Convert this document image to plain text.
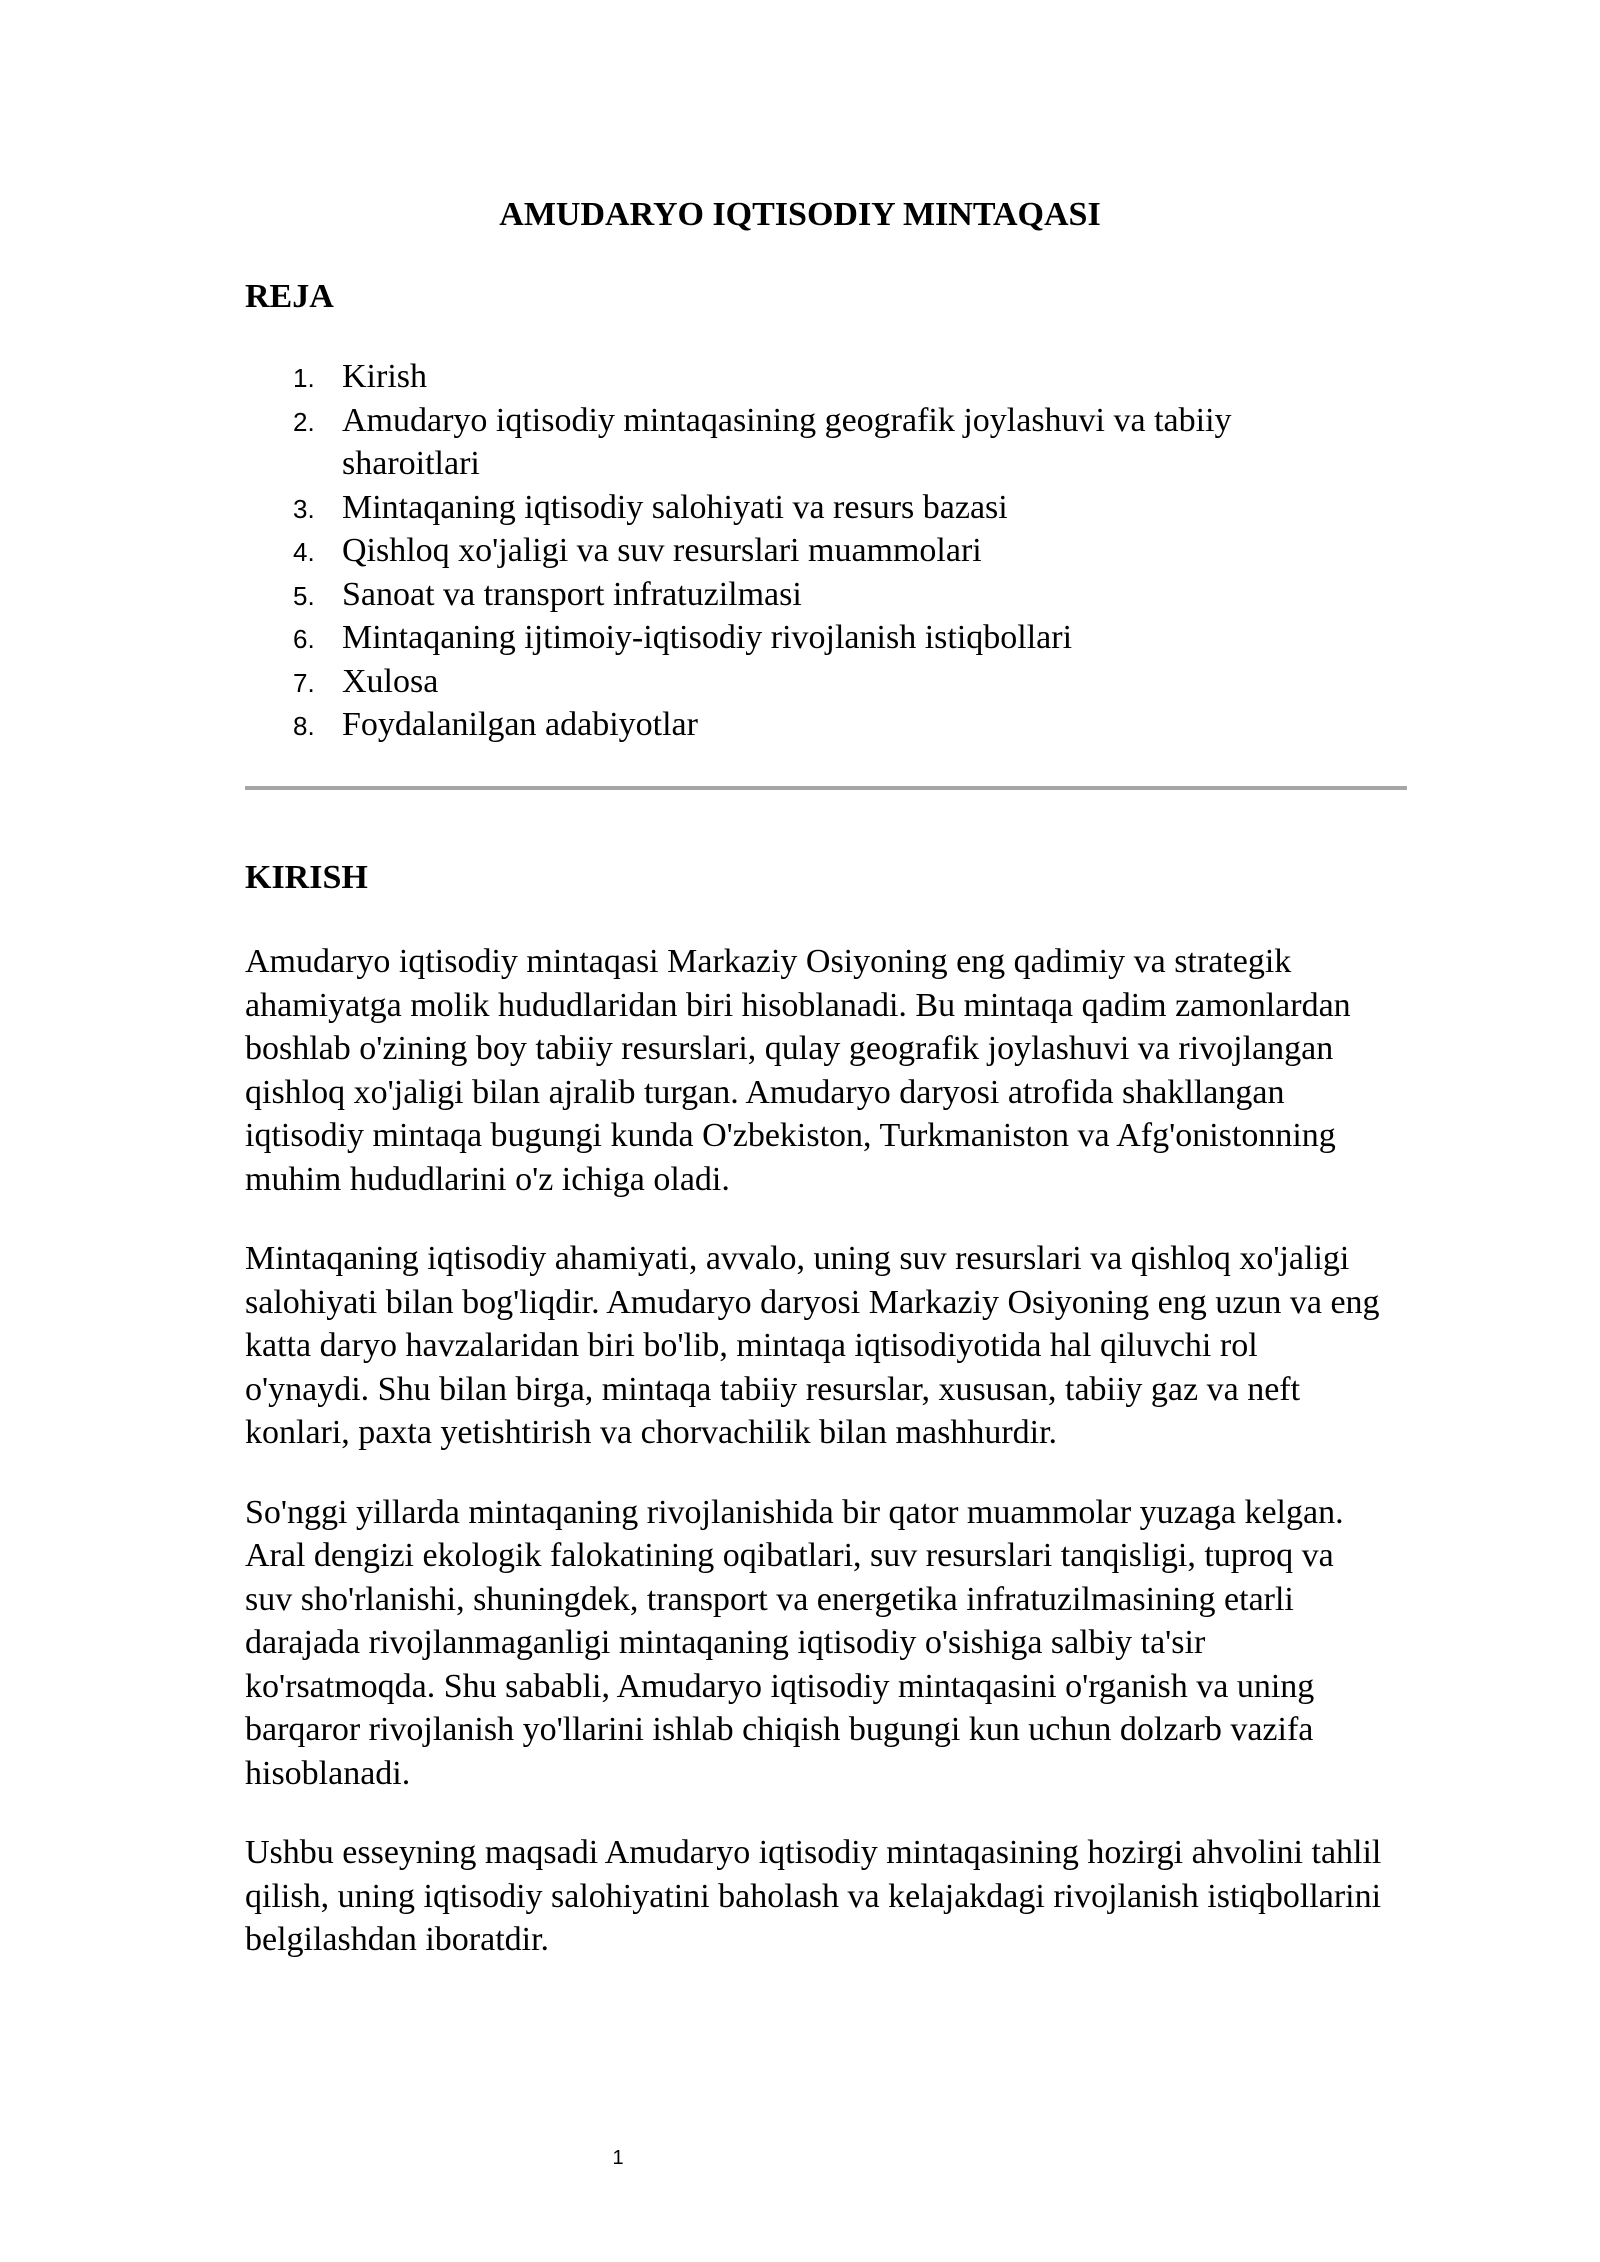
AMUDARYO IQTISODIY MINTAQASI
REJA
1. Kirish
2. Amudaryo iqtisodiy mintaqasining geografik joylashuvi va tabiiy sharoitlari
3. Mintaqaning iqtisodiy salohiyati va resurs bazasi
4. Qishloq xo'jaligi va suv resurslari muammolari
5. Sanoat va transport infratuzilmasi
6. Mintaqaning ijtimoiy-iqtisodiy rivojlanish istiqbollari
7. Xulosa
8. Foydalanilgan adabiyotlar
KIRISH

Amudaryo iqtisodiy mintaqasi Markaziy Osiyoning eng qadimiy va strategik ahamiyatga molik hududlaridan biri hisoblanadi. Bu mintaqa qadim zamonlardan boshlab o'zining boy tabiiy resurslari, qulay geografik joylashuvi va rivojlangan qishloq xo'jaligi bilan ajralib turgan. Amudaryo daryosi atrofida shakllangan iqtisodiy mintaqa bugungi kunda O'zbekiston, Turkmaniston va Afg'onistonning muhim hududlarini o'z ichiga oladi.

Mintaqaning iqtisodiy ahamiyati, avvalo, uning suv resurslari va qishloq xo'jaligi salohiyati bilan bog'liqdir. Amudaryo daryosi Markaziy Osiyoning eng uzun va eng katta daryo havzalaridan biri bo'lib, mintaqa iqtisodiyotida hal qiluvchi rol o'ynaydi. Shu bilan birga, mintaqa tabiiy resurslar, xususan, tabiiy gaz va neft konlari, paxta yetishtirish va chorvachilik bilan mashhurdir.

So'nggi yillarda mintaqaning rivojlanishida bir qator muammolar yuzaga kelgan. Aral dengizi ekologik falokatining oqibatlari, suv resurslari tanqisligi, tuproq va suv sho'rlanishi, shuningdek, transport va energetika infratuzilmasining etarli darajada rivojlanmaganligi mintaqaning iqtisodiy o'sishiga salbiy ta'sir ko'rsatmoqda. Shu sababli, Amudaryo iqtisodiy mintaqasini o'rganish va uning barqaror rivojlanish yo'llarini ishlab chiqish bugungi kun uchun dolzarb vazifa hisoblanadi.

Ushbu esseyning maqsadi Amudaryo iqtisodiy mintaqasining hozirgi ahvolini tahlil qilish, uning iqtisodiy salohiyatini baholash va kelajakdagi rivojlanish istiqbollarini belgilashdan iboratdir.

1
